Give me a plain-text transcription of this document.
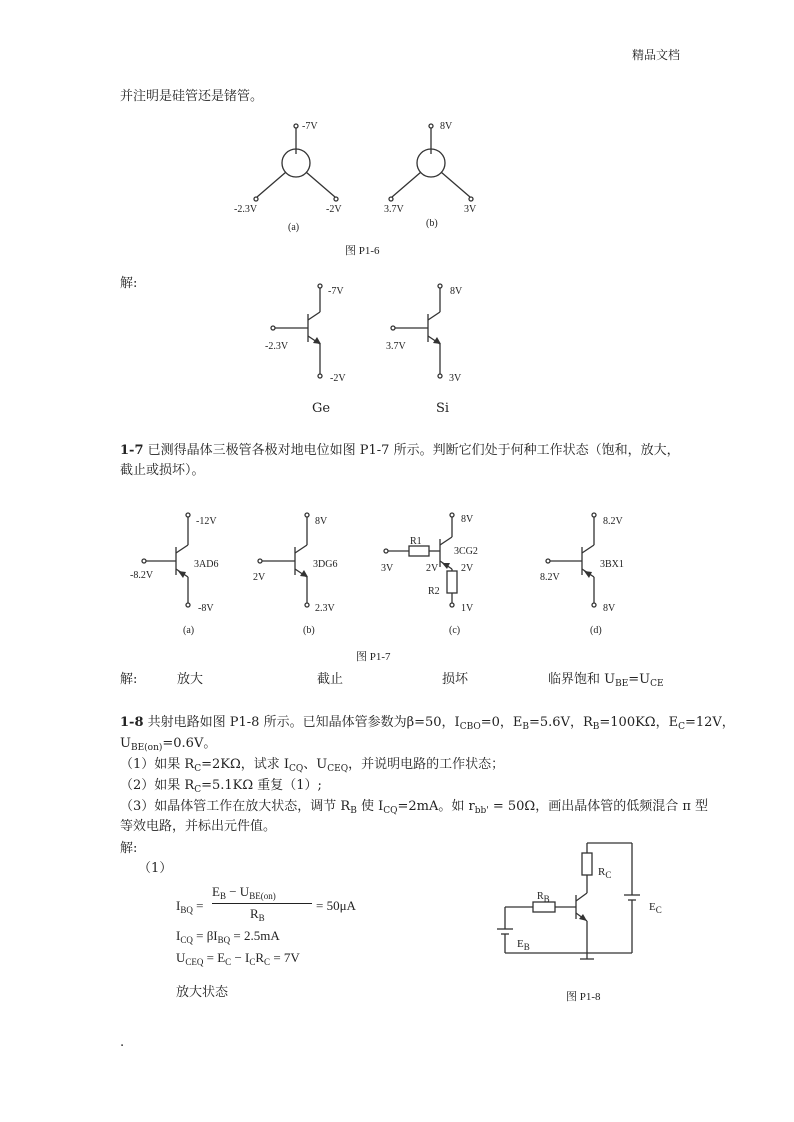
精品文档
并注明是硅管还是锗管。
-7V
-2.3V	-2V
(a)
8V
3.7V	3V
(b)
图 P1-6
解:
-7V
-2.3V
-2V
Ge
8V
3.7V
3V
Si
1-7 已测得晶体三极管各极对地电位如图 P1-7 所示。判断它们处于何种工作状态（饱和，放大，
截止或损坏）。
-12V
3AD6
-8.2V
-8V
(a)
8V
3DG6
2V
2.3V
(b)
8V
R1
3CG2
3V	2V 2V
R2
1V
(c)
8.2V
3BX1
8.2V
8V
(d)
图 P1-7
解:	放大	截止	损坏	临界饱和 $U_{BE}=U_{CE}$
1-8 共射电路如图 P1-8 所示。已知晶体管参数为β=50，$I_{CBO}=0$，$E_B=5.6V$，$R_B=100K\Omega$，$E_C=12V$，
$U_{BE(on)}=0.6V$。
（1）如果 $R_C=2K\Omega$，试求 $I_{CQ}$、$U_{CEQ}$，并说明电路的工作状态；
（2）如果 $R_C=5.1K\Omega$ 重复（1）;
（3）如晶体管工作在放大状态，调节 $R_B$ 使 $I_{CQ}=2mA$。如 $r_{bb'} = 50\Omega$，画出晶体管的低频混合 π 型
等效电路，并标出元件值。
解:
（1）
$I_{BQ}$ =
$E_B - U_{BE(on)}$
$R_B$
= 50μA
$I_{CQ} = \beta I_{BQ} = 2.5mA$
$U_{CEQ} = E_C - I_CR_C = 7V$
放大状态
$R_C$
RB
$E_C$
$E_B$
图 P1-8
.
